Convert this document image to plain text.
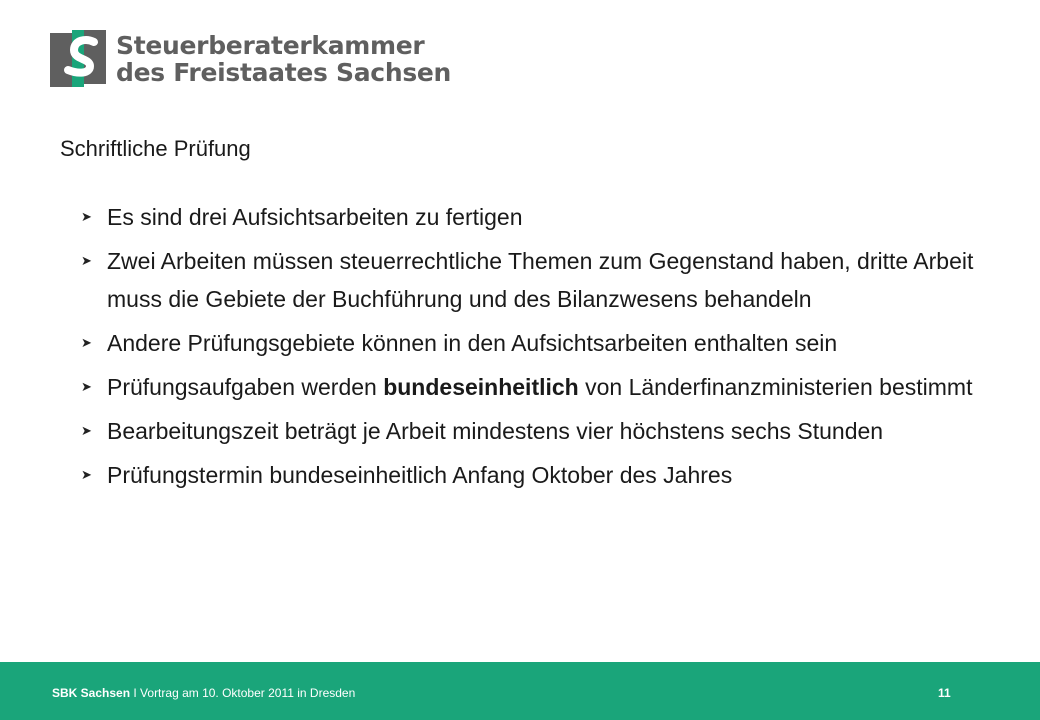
Steuerberaterkammer
des Freistaates Sachsen
Schriftliche Prüfung
➤ Es sind drei Aufsichtsarbeiten zu fertigen
➤ Zwei Arbeiten müssen steuerrechtliche Themen zum Gegenstand haben, dritte Arbeit muss die Gebiete der Buchführung und des Bilanzwesens behandeln
➤ Andere Prüfungsgebiete können in den Aufsichtsarbeiten enthalten sein
➤ Prüfungsaufgaben werden bundeseinheitlich von Länderfinanzministerien bestimmt
➤ Bearbeitungszeit beträgt je Arbeit mindestens vier höchstens sechs Stunden
➤ Prüfungstermin bundeseinheitlich Anfang Oktober des Jahres
SBK Sachsen I Vortrag am 10. Oktober 2011 in Dresden	11
